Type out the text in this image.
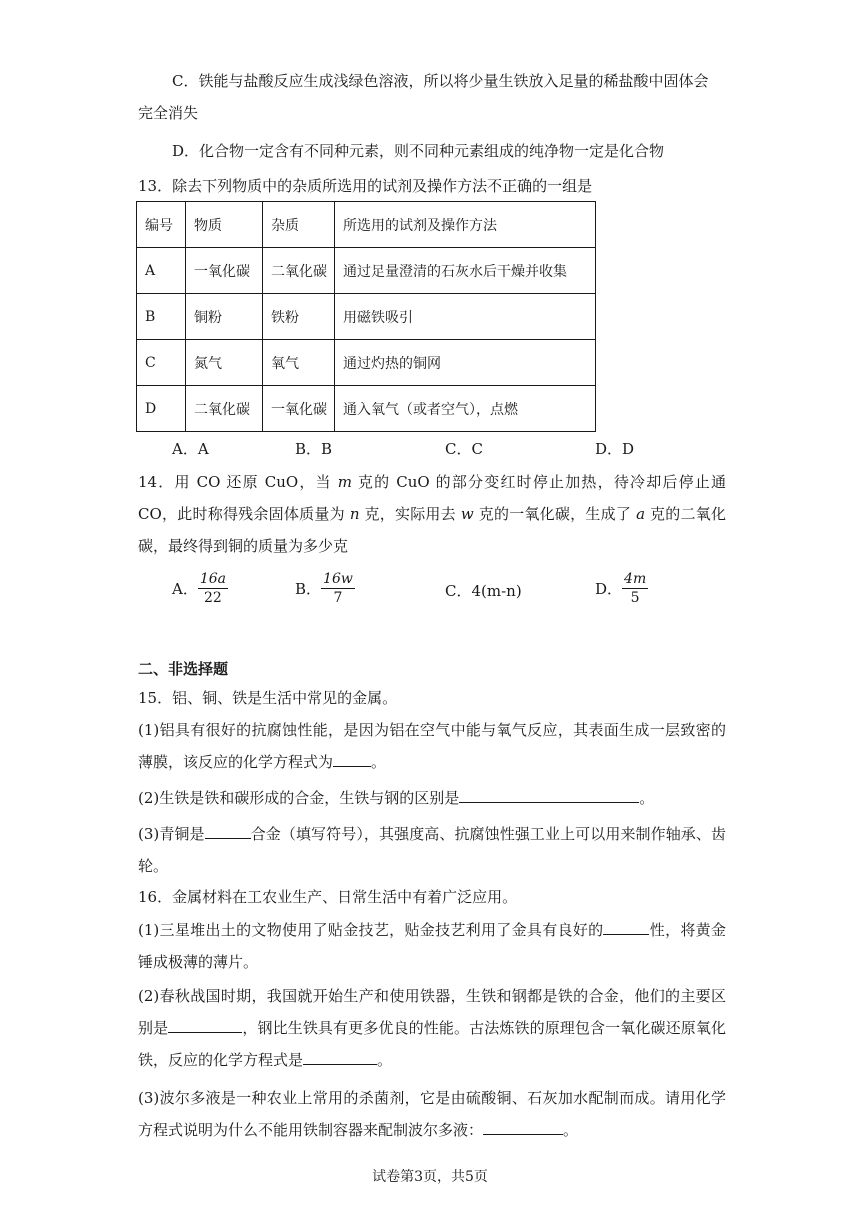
C．铁能与盐酸反应生成浅绿色溶液，所以将少量生铁放入足量的稀盐酸中固体会
完全消失
D．化合物一定含有不同种元素，则不同种元素组成的纯净物一定是化合物
13．除去下列物质中的杂质所选用的试剂及操作方法不正确的一组是
编号	物质	杂质	所选用的试剂及操作方法
A	一氧化碳	二氧化碳	通过足量澄清的石灰水后干燥并收集
B	铜粉	铁粉	用磁铁吸引
C	氮气	氧气	通过灼热的铜网
D	二氧化碳	一氧化碳	通入氧气（或者空气），点燃
A．A	B．B	C．C	D．D
14．用 CO 还原 CuO，当 m 克的 CuO 的部分变红时停止加热，待冷却后停止通 CO，此时称得残余固体质量为 n 克，实际用去 w 克的一氧化碳，生成了 a 克的二氧化碳，最终得到铜的质量为多少克
A． $\frac{16a}{22}$	B． $\frac{16w}{7}$	C．4(m-n)	D． $\frac{4m}{5}$
二、非选择题
15．铝、铜、铁是生活中常见的金属。
(1)铝具有很好的抗腐蚀性能，是因为铝在空气中能与氧气反应，其表面生成一层致密的薄膜，该反应的化学方程式为	。
(2)生铁是铁和碳形成的合金，生铁与钢的区别是	。
(3)青铜是	合金（填写符号），其强度高、抗腐蚀性强工业上可以用来制作轴承、齿轮。
16．金属材料在工农业生产、日常生活中有着广泛应用。
(1)三星堆出土的文物使用了贴金技艺，贴金技艺利用了金具有良好的	性，将黄金锤成极薄的薄片。
(2)春秋战国时期，我国就开始生产和使用铁器，生铁和钢都是铁的合金，他们的主要区别是	，钢比生铁具有更多优良的性能。古法炼铁的原理包含一氧化碳还原氧化铁，反应的化学方程式是	。
(3)波尔多液是一种农业上常用的杀菌剂，它是由硫酸铜、石灰加水配制而成。请用化学方程式说明为什么不能用铁制容器来配制波尔多液：	。
试卷第3页，共5页
